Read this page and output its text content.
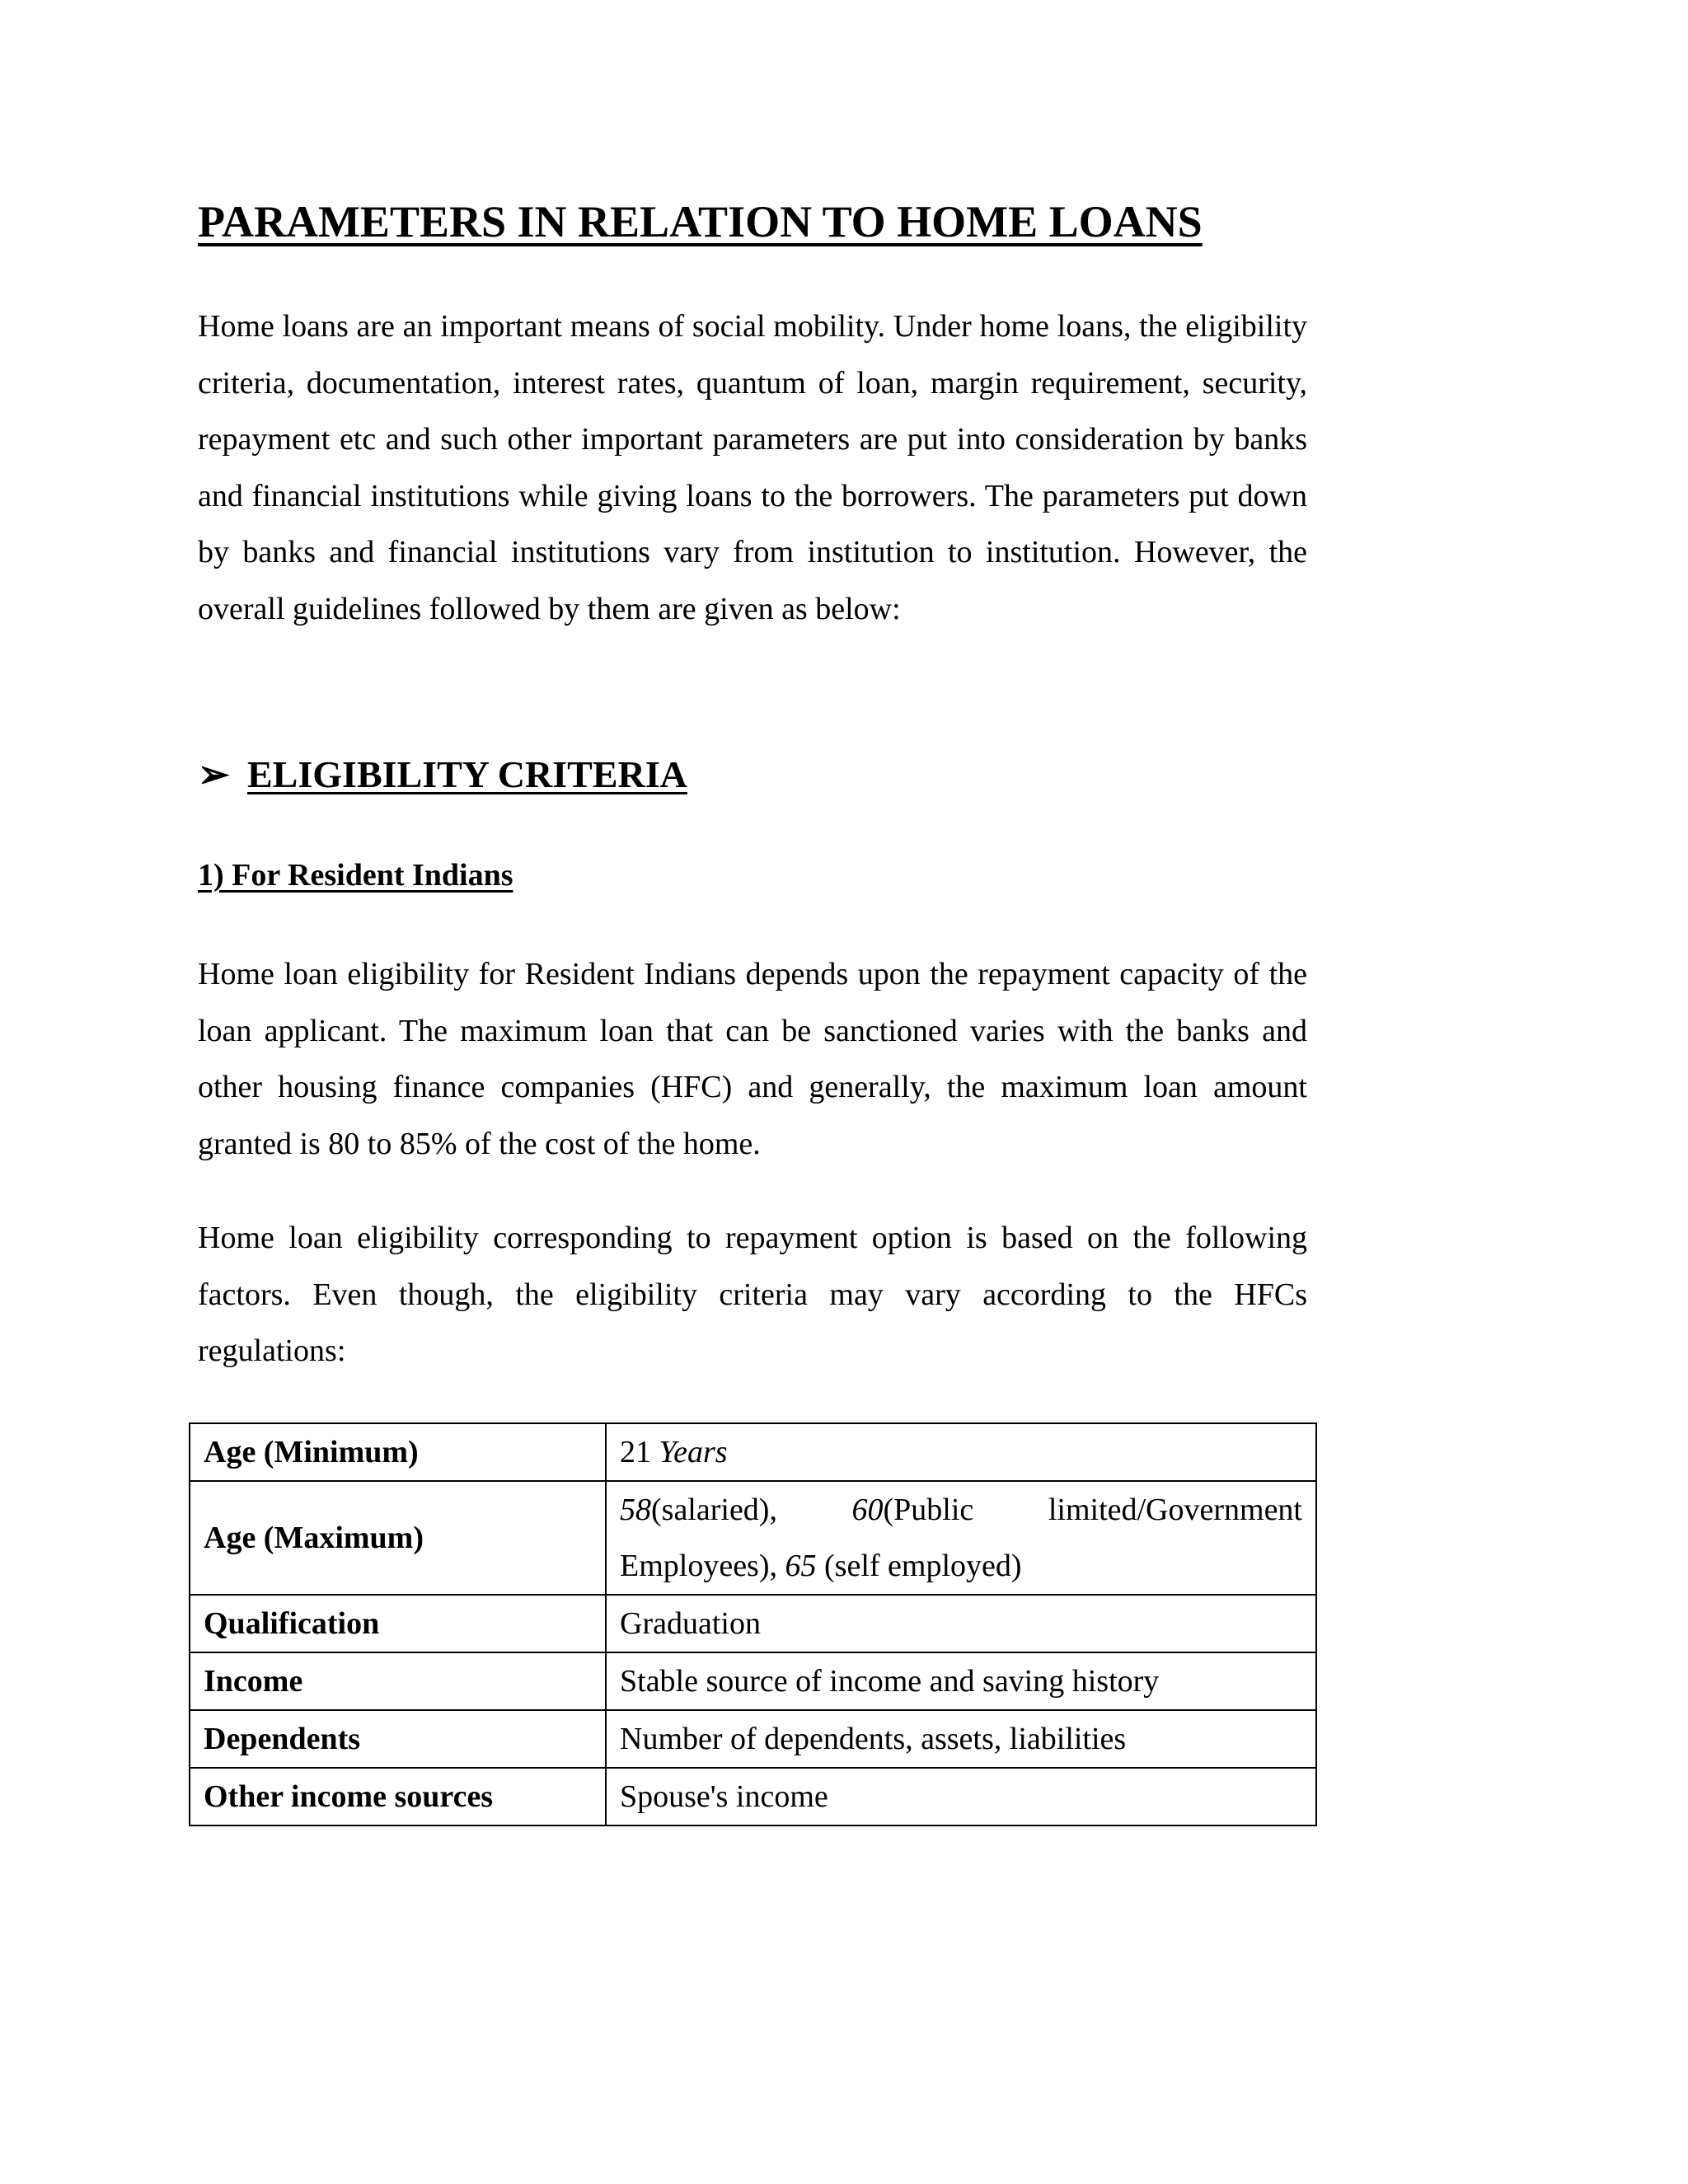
PARAMETERS IN RELATION TO HOME LOANS

Home loans are an important means of social mobility. Under home loans, the eligibility criteria, documentation, interest rates, quantum of loan, margin requirement, security, repayment etc and such other important parameters are put into consideration by banks and financial institutions while giving loans to the borrowers. The parameters put down by banks and financial institutions vary from institution to institution. However, the overall guidelines followed by them are given as below:

➢ ELIGIBILITY CRITERIA
1) For Resident Indians

Home loan eligibility for Resident Indians depends upon the repayment capacity of the loan applicant. The maximum loan that can be sanctioned varies with the banks and other housing finance companies (HFC) and generally, the maximum loan amount granted is 80 to 85% of the cost of the home.

Home loan eligibility corresponding to repayment option is based on the following factors. Even though, the eligibility criteria may vary according to the HFCs regulations:

Age (Minimum)	21 Years
Age (Maximum)	58(salaried), 60(Public limited/Government Employees), 65 (self employed)
Qualification	Graduation
Income	Stable source of income and saving history
Dependents	Number of dependents, assets, liabilities
Other income sources	Spouse's income
